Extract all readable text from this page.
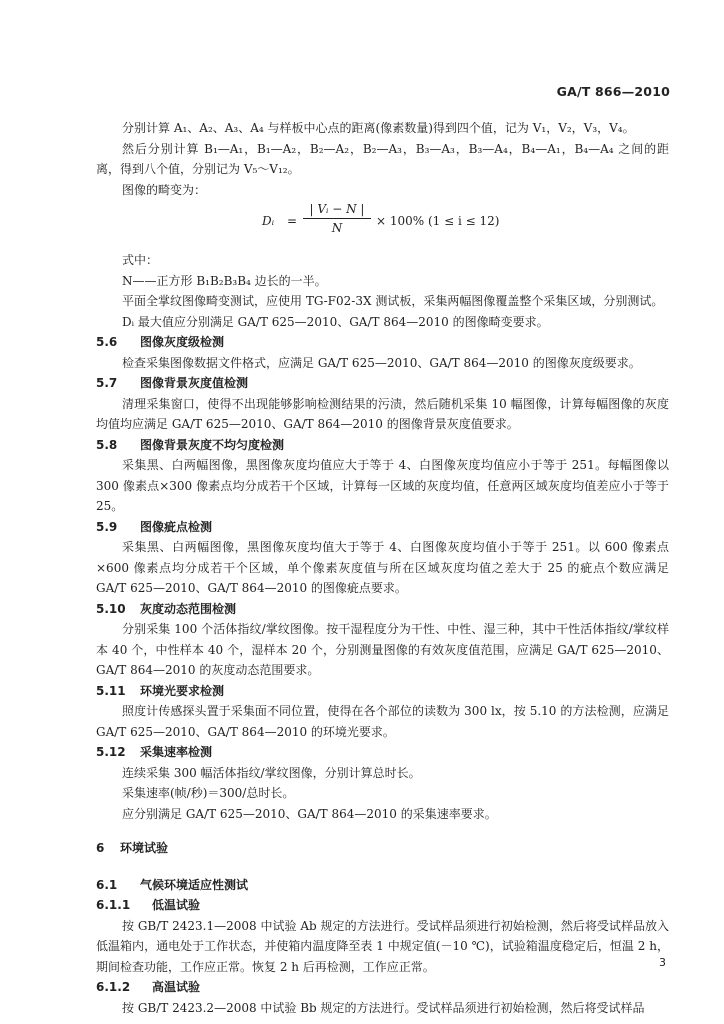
GA/T 866—2010

分别计算 A₁、A₂、A₃、A₄ 与样板中心点的距离(像素数量)得到四个值，记为 V₁，V₂，V₃，V₄。

然后分别计算 B₁—A₁，B₁—A₂，B₂—A₂，B₂—A₃，B₃—A₃，B₃—A₄，B₄—A₁，B₄—A₄ 之间的距离，得到八个值，分别记为 V₅～V₁₂。

图像的畸变为：

Dᵢ = $\frac{\text{| Vᵢ − N |}}{N} \times 100\%$ (1 ≤ i ≤ 12)

式中：

N——正方形 B₁B₂B₃B₄ 边长的一半。

平面全掌纹图像畸变测试，应使用 TG-F02-3X 测试板，采集两幅图像覆盖整个采集区域，分别测试。

Dᵢ 最大值应分别满足 GA/T 625—2010、GA/T 864—2010 的图像畸变要求。

5.6 图像灰度级检测

检查采集图像数据文件格式，应满足 GA/T 625—2010、GA/T 864—2010 的图像灰度级要求。

5.7 图像背景灰度值检测

清理采集窗口，使得不出现能够影响检测结果的污渍，然后随机采集 10 幅图像，计算每幅图像的灰度均值均应满足 GA/T 625—2010、GA/T 864—2010 的图像背景灰度值要求。

5.8 图像背景灰度不均匀度检测

采集黑、白两幅图像，黑图像灰度均值应大于等于 4、白图像灰度均值应小于等于 251。每幅图像以 300 像素点×300 像素点均分成若干个区域，计算每一区域的灰度均值，任意两区域灰度均值差应小于等于 25。

5.9 图像疵点检测

采集黑、白两幅图像，黑图像灰度均值大于等于 4、白图像灰度均值小于等于 251。以 600 像素点×600 像素点均分成若干个区域，单个像素灰度值与所在区域灰度均值之差大于 25 的疵点个数应满足 GA/T 625—2010、GA/T 864—2010 的图像疵点要求。

5.10 灰度动态范围检测

分别采集 100 个活体指纹/掌纹图像。按干湿程度分为干性、中性、湿三种，其中干性活体指纹/掌纹样本 40 个，中性样本 40 个，湿样本 20 个，分别测量图像的有效灰度值范围，应满足 GA/T 625—2010、GA/T 864—2010 的灰度动态范围要求。

5.11 环境光要求检测

照度计传感探头置于采集面不同位置，使得在各个部位的读数为 300 lx，按 5.10 的方法检测，应满足 GA/T 625—2010、GA/T 864—2010 的环境光要求。

5.12 采集速率检测

连续采集 300 幅活体指纹/掌纹图像，分别计算总时长。

采集速率(帧/秒)＝300/总时长。

应分别满足 GA/T 625—2010、GA/T 864—2010 的采集速率要求。

6 环境试验

6.1 气候环境适应性测试

6.1.1 低温试验

按 GB/T 2423.1—2008 中试验 Ab 规定的方法进行。受试样品须进行初始检测，然后将受试样品放入低温箱内，通电处于工作状态，并使箱内温度降至表 1 中规定值(－10 ℃)，试验箱温度稳定后，恒温 2 h，期间检查功能，工作应正常。恢复 2 h 后再检测，工作应正常。

6.1.2 高温试验

按 GB/T 2423.2—2008 中试验 Bb 规定的方法进行。受试样品须进行初始检测，然后将受试样品

3
